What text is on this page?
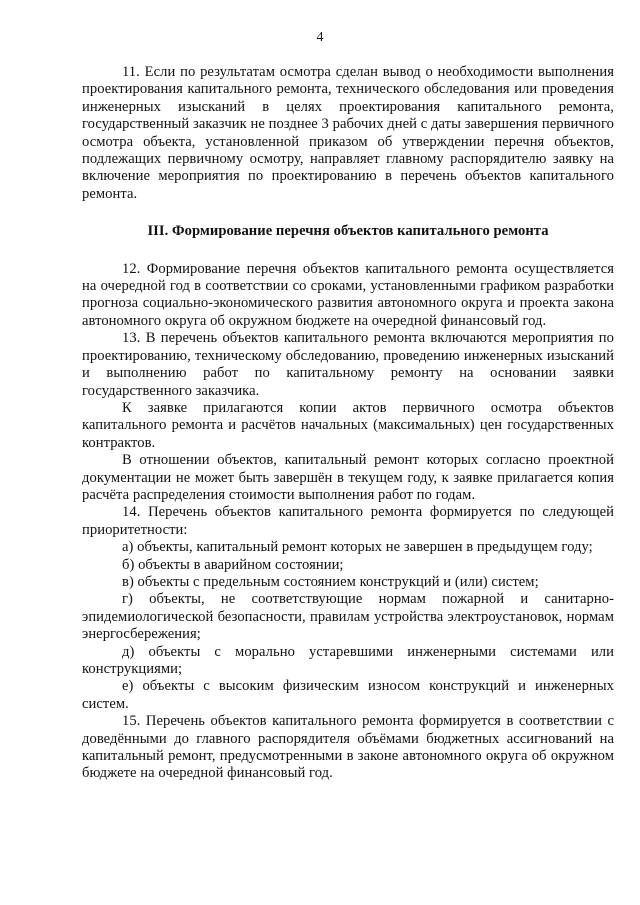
4

11. Если по результатам осмотра сделан вывод о необходимости выполнения проектирования капитального ремонта, технического обследования или проведения инженерных изысканий в целях проектирования капитального ремонта, государственный заказчик не позднее 3 рабочих дней с даты завершения первичного осмотра объекта, установленной приказом об утверждении перечня объектов, подлежащих первичному осмотру, направляет главному распорядителю заявку на включение мероприятия по проектированию в перечень объектов капитального ремонта.

III. Формирование перечня объектов капитального ремонта

12. Формирование перечня объектов капитального ремонта осуществляется на очередной год в соответствии со сроками, установленными графиком разработки прогноза социально-экономического развития автономного округа и проекта закона автономного округа об окружном бюджете на очередной финансовый год.

13. В перечень объектов капитального ремонта включаются мероприятия по проектированию, техническому обследованию, проведению инженерных изысканий и выполнению работ по капитальному ремонту на основании заявки государственного заказчика.

К заявке прилагаются копии актов первичного осмотра объектов капитального ремонта и расчётов начальных (максимальных) цен государственных контрактов.

В отношении объектов, капитальный ремонт которых согласно проектной документации не может быть завершён в текущем году, к заявке прилагается копия расчёта распределения стоимости выполнения работ по годам.

14. Перечень объектов капитального ремонта формируется по следующей приоритетности:

а) объекты, капитальный ремонт которых не завершен в предыдущем году;

б) объекты в аварийном состоянии;

в) объекты с предельным состоянием конструкций и (или) систем;

г) объекты, не соответствующие нормам пожарной и санитарно-эпидемиологической безопасности, правилам устройства электроустановок, нормам энергосбережения;

д) объекты с морально устаревшими инженерными системами или конструкциями;

е) объекты с высоким физическим износом конструкций и инженерных систем.

15. Перечень объектов капитального ремонта формируется в соответствии с доведёнными до главного распорядителя объёмами бюджетных ассигнований на капитальный ремонт, предусмотренными в законе автономного округа об окружном бюджете на очередной финансовый год.
